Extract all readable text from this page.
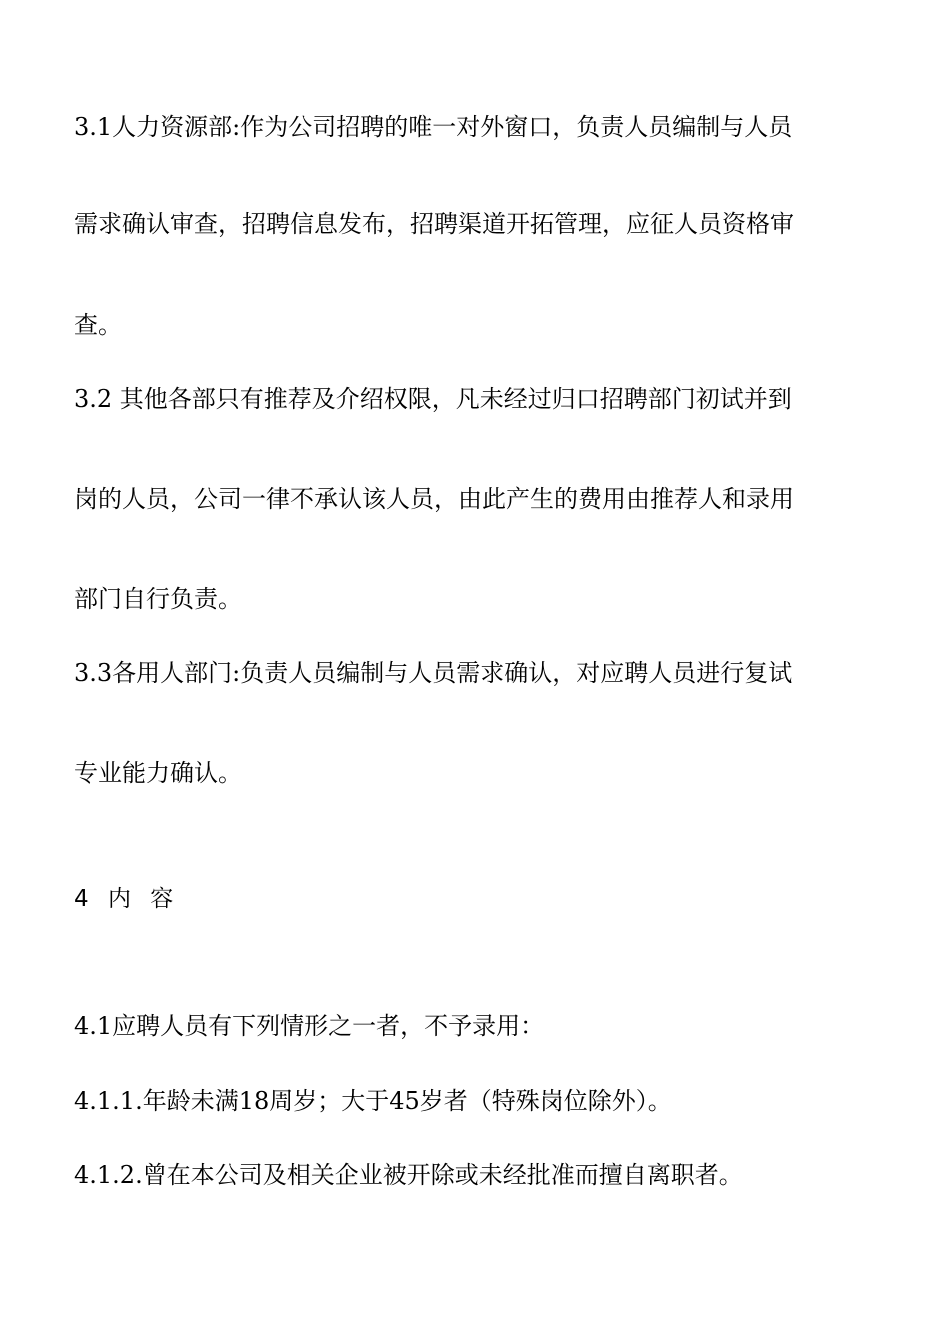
3.1人力资源部:作为公司招聘的唯一对外窗口，负责人员编制与人员
需求确认审查，招聘信息发布，招聘渠道开拓管理，应征人员资格审
查。
3.2 其他各部只有推荐及介绍权限，凡未经过归口招聘部门初试并到
岗的人员，公司一律不承认该人员，由此产生的费用由推荐人和录用
部门自行负责。
3.3各用人部门:负责人员编制与人员需求确认，对应聘人员进行复试
专业能力确认。
4 内 容
4.1应聘人员有下列情形之一者，不予录用：
4.1.1.年龄未满18周岁；大于45岁者（特殊岗位除外）。
4.1.2.曾在本公司及相关企业被开除或未经批准而擅自离职者。
